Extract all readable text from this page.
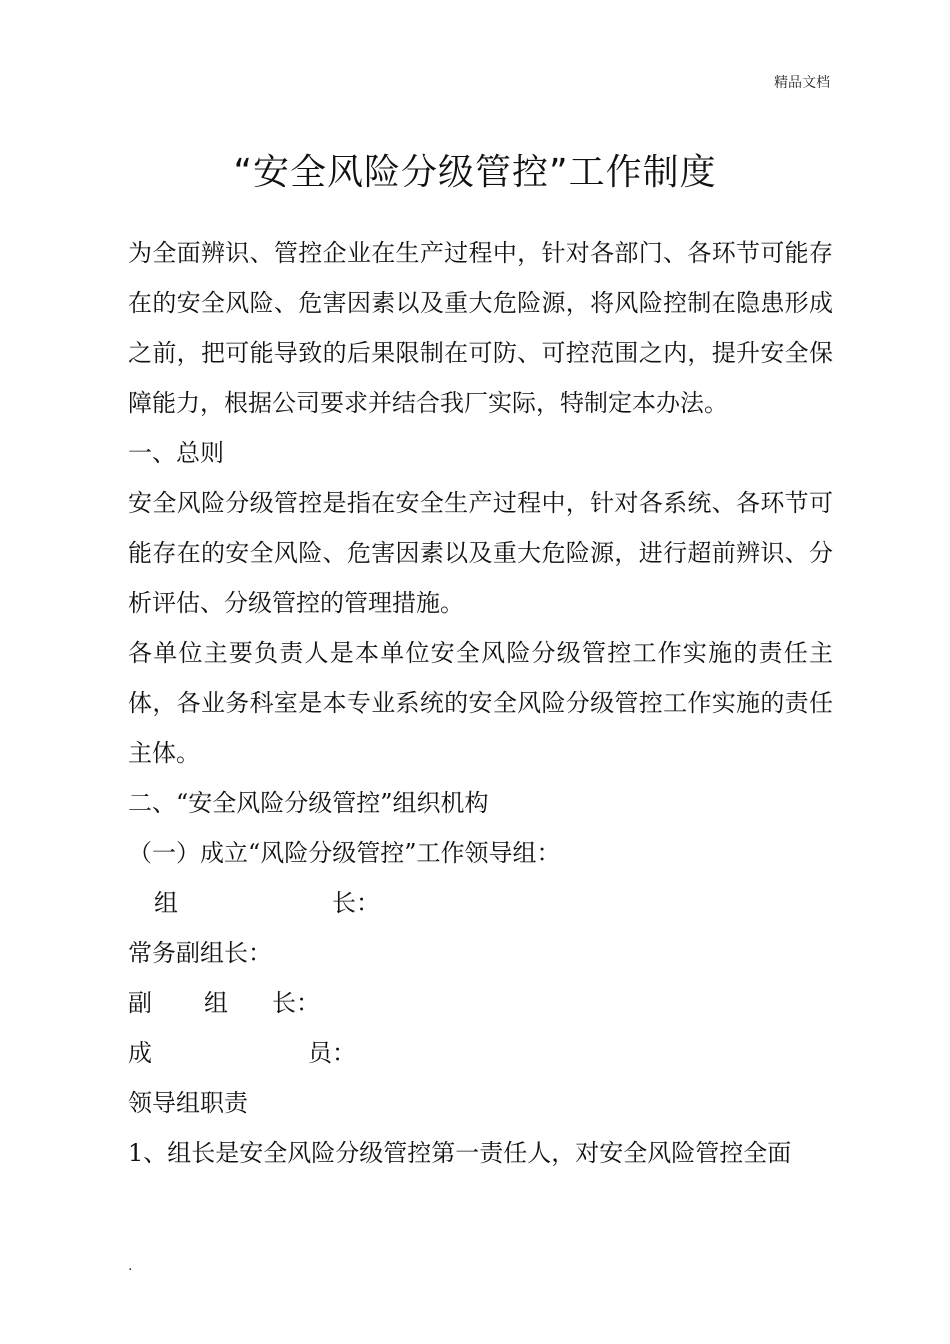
精品文档
“安全风险分级管控”工作制度

为全面辨识、管控企业在生产过程中，针对各部门、各环节可能存在的安全风险、危害因素以及重大危险源，将风险控制在隐患形成之前，把可能导致的后果限制在可防、可控范围之内，提升安全保障能力，根据公司要求并结合我厂实际，特制定本办法。

一、总则

安全风险分级管控是指在安全生产过程中，针对各系统、各环节可能存在的安全风险、危害因素以及重大危险源，进行超前辨识、分析评估、分级管控的管理措施。

各单位主要负责人是本单位安全风险分级管控工作实施的责任主体，各业务科室是本专业系统的安全风险分级管控工作实施的责任主体。

二、“安全风险分级管控”组织机构

（一）成立“风险分级管控”工作领导组：

组	长：
常务副组长：
副 组 长：
成	员：

领导组职责

1、组长是安全风险分级管控第一责任人，对安全风险管控全面

.
